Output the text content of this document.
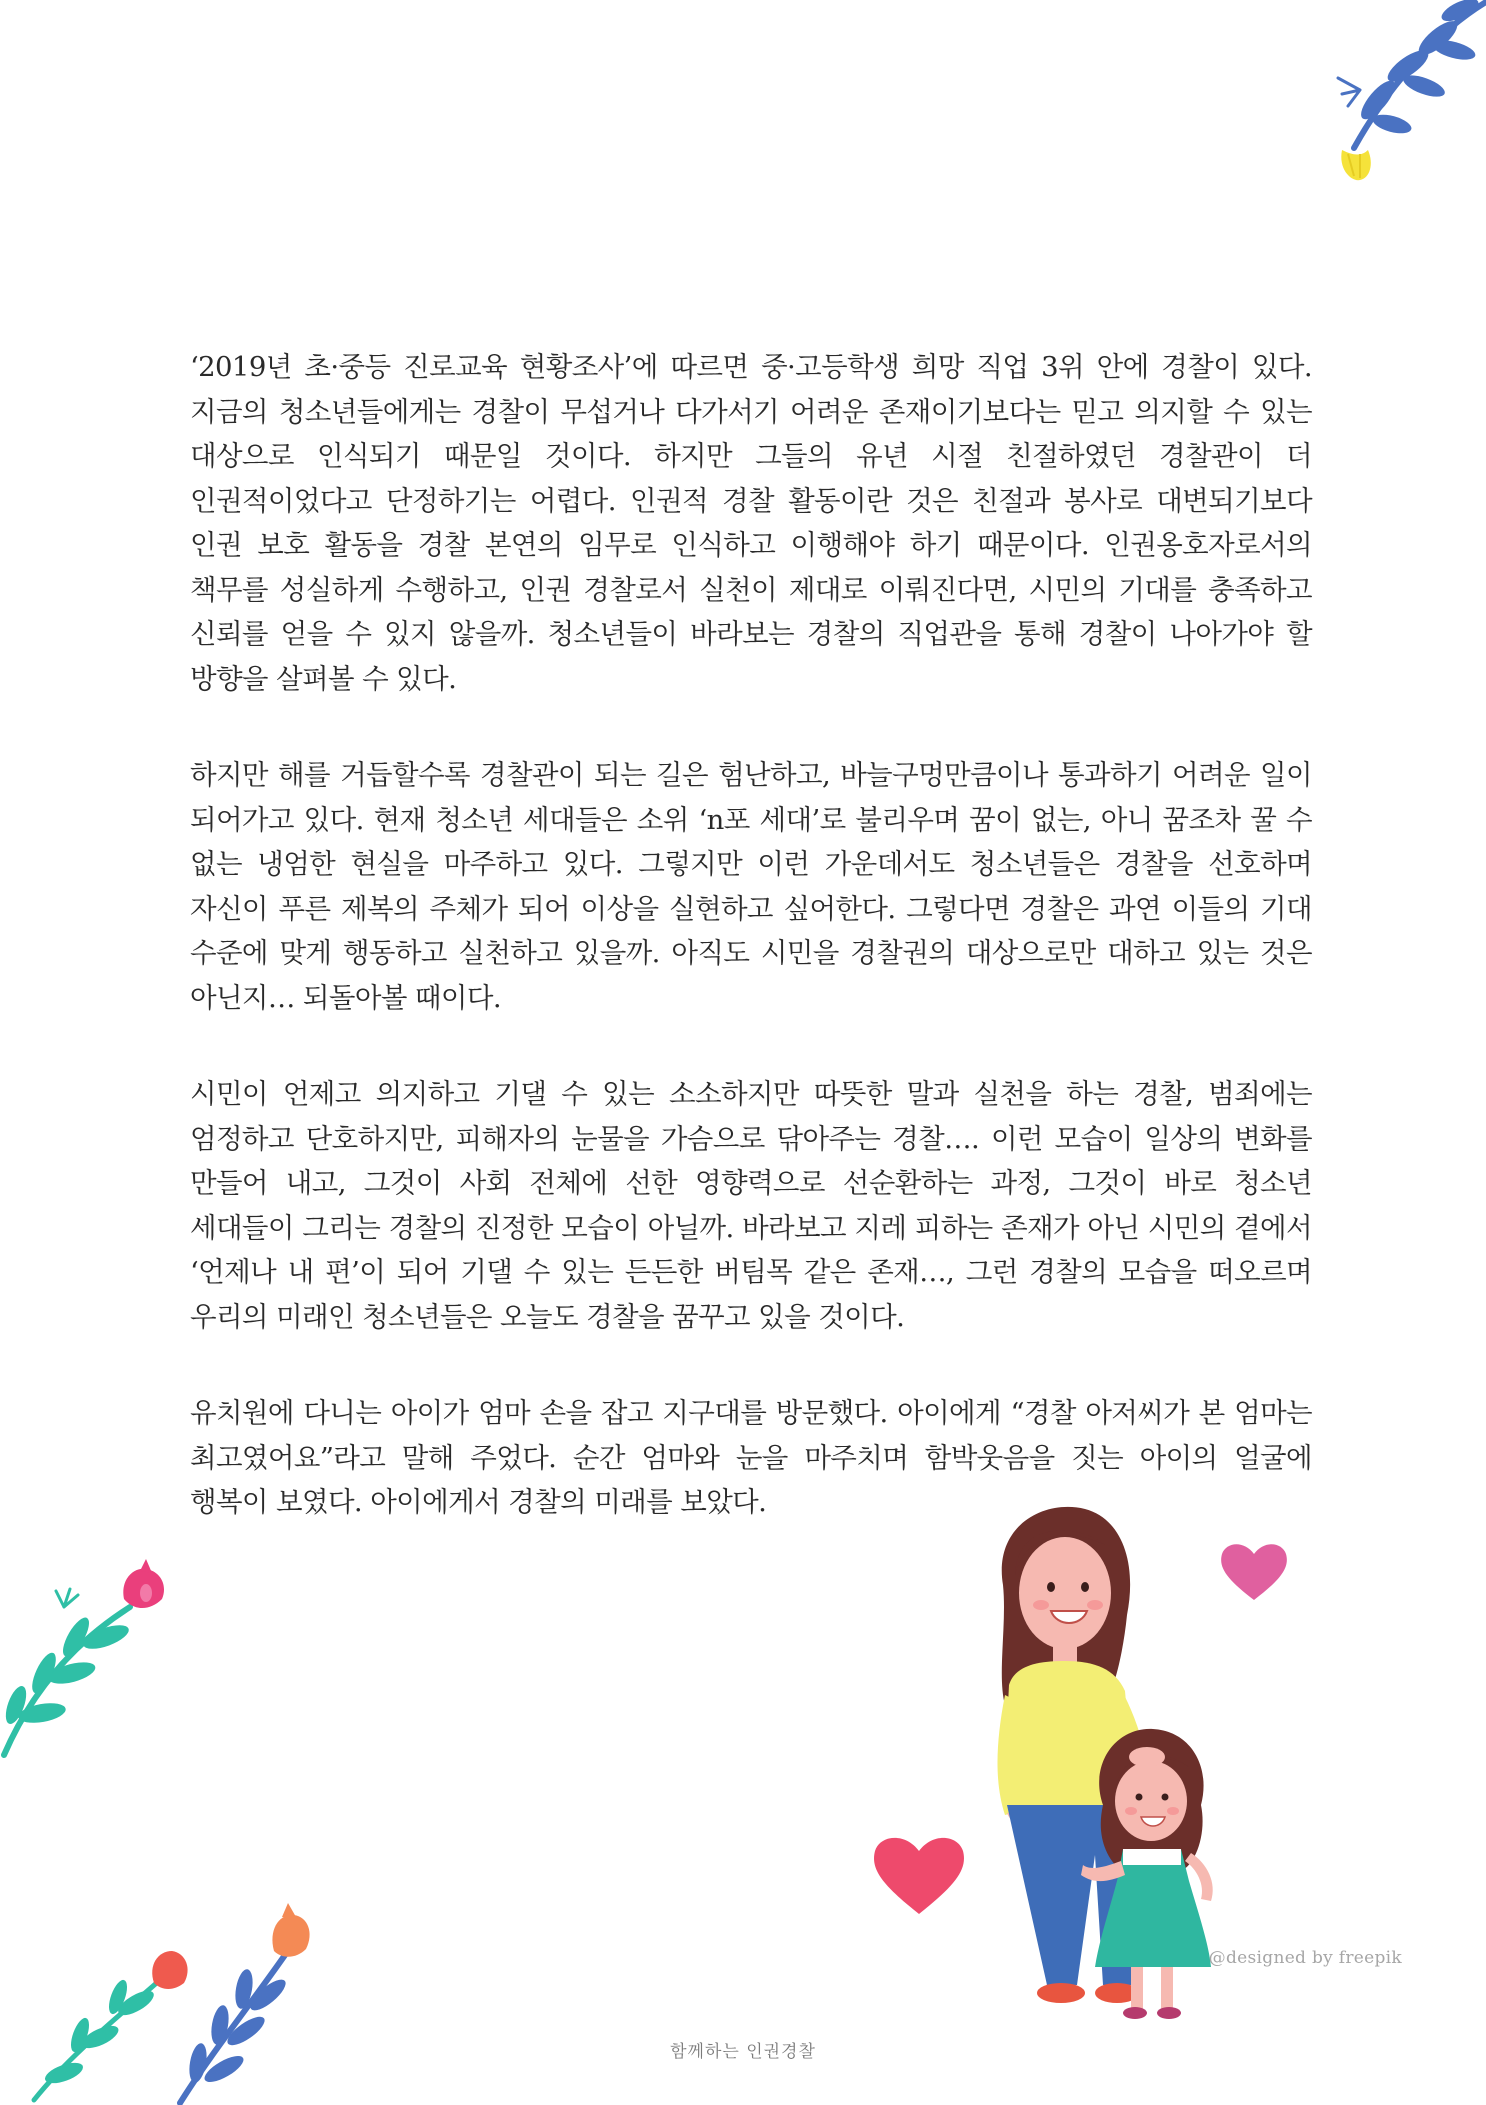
‘2019년 초·중등 진로교육 현황조사’에 따르면 중·고등학생 희망 직업 3위 안에 경찰이 있다. 지금의 청소년들에게는 경찰이 무섭거나 다가서기 어려운 존재이기보다는 믿고 의지할 수 있는 대상으로 인식되기 때문일 것이다. 하지만 그들의 유년 시절 친절하였던 경찰관이 더 인권적이었다고 단정하기는 어렵다. 인권적 경찰 활동이란 것은 친절과 봉사로 대변되기보다 인권 보호 활동을 경찰 본연의 임무로 인식하고 이행해야 하기 때문이다. 인권옹호자로서의 책무를 성실하게 수행하고, 인권 경찰로서 실천이 제대로 이뤄진다면, 시민의 기대를 충족하고 신뢰를 얻을 수 있지 않을까. 청소년들이 바라보는 경찰의 직업관을 통해 경찰이 나아가야 할 방향을 살펴볼 수 있다.

하지만 해를 거듭할수록 경찰관이 되는 길은 험난하고, 바늘구멍만큼이나 통과하기 어려운 일이 되어가고 있다. 현재 청소년 세대들은 소위 ‘n포 세대’로 불리우며 꿈이 없는, 아니 꿈조차 꿀 수 없는 냉엄한 현실을 마주하고 있다. 그렇지만 이런 가운데서도 청소년들은 경찰을 선호하며 자신이 푸른 제복의 주체가 되어 이상을 실현하고 싶어한다. 그렇다면 경찰은 과연 이들의 기대 수준에 맞게 행동하고 실천하고 있을까. 아직도 시민을 경찰권의 대상으로만 대하고 있는 것은 아닌지… 되돌아볼 때이다.

시민이 언제고 의지하고 기댈 수 있는 소소하지만 따뜻한 말과 실천을 하는 경찰, 범죄에는 엄정하고 단호하지만, 피해자의 눈물을 가슴으로 닦아주는 경찰…. 이런 모습이 일상의 변화를 만들어 내고, 그것이 사회 전체에 선한 영향력으로 선순환하는 과정, 그것이 바로 청소년 세대들이 그리는 경찰의 진정한 모습이 아닐까. 바라보고 지레 피하는 존재가 아닌 시민의 곁에서 ‘언제나 내 편’이 되어 기댈 수 있는 든든한 버팀목 같은 존재…, 그런 경찰의 모습을 떠오르며 우리의 미래인 청소년들은 오늘도 경찰을 꿈꾸고 있을 것이다.

유치원에 다니는 아이가 엄마 손을 잡고 지구대를 방문했다. 아이에게 “경찰 아저씨가 본 엄마는 최고였어요”라고 말해 주었다. 순간 엄마와 눈을 마주치며 함박웃음을 짓는 아이의 얼굴에 행복이 보였다. 아이에게서 경찰의 미래를 보았다.

@designed by freepik
함께하는 인권경찰
